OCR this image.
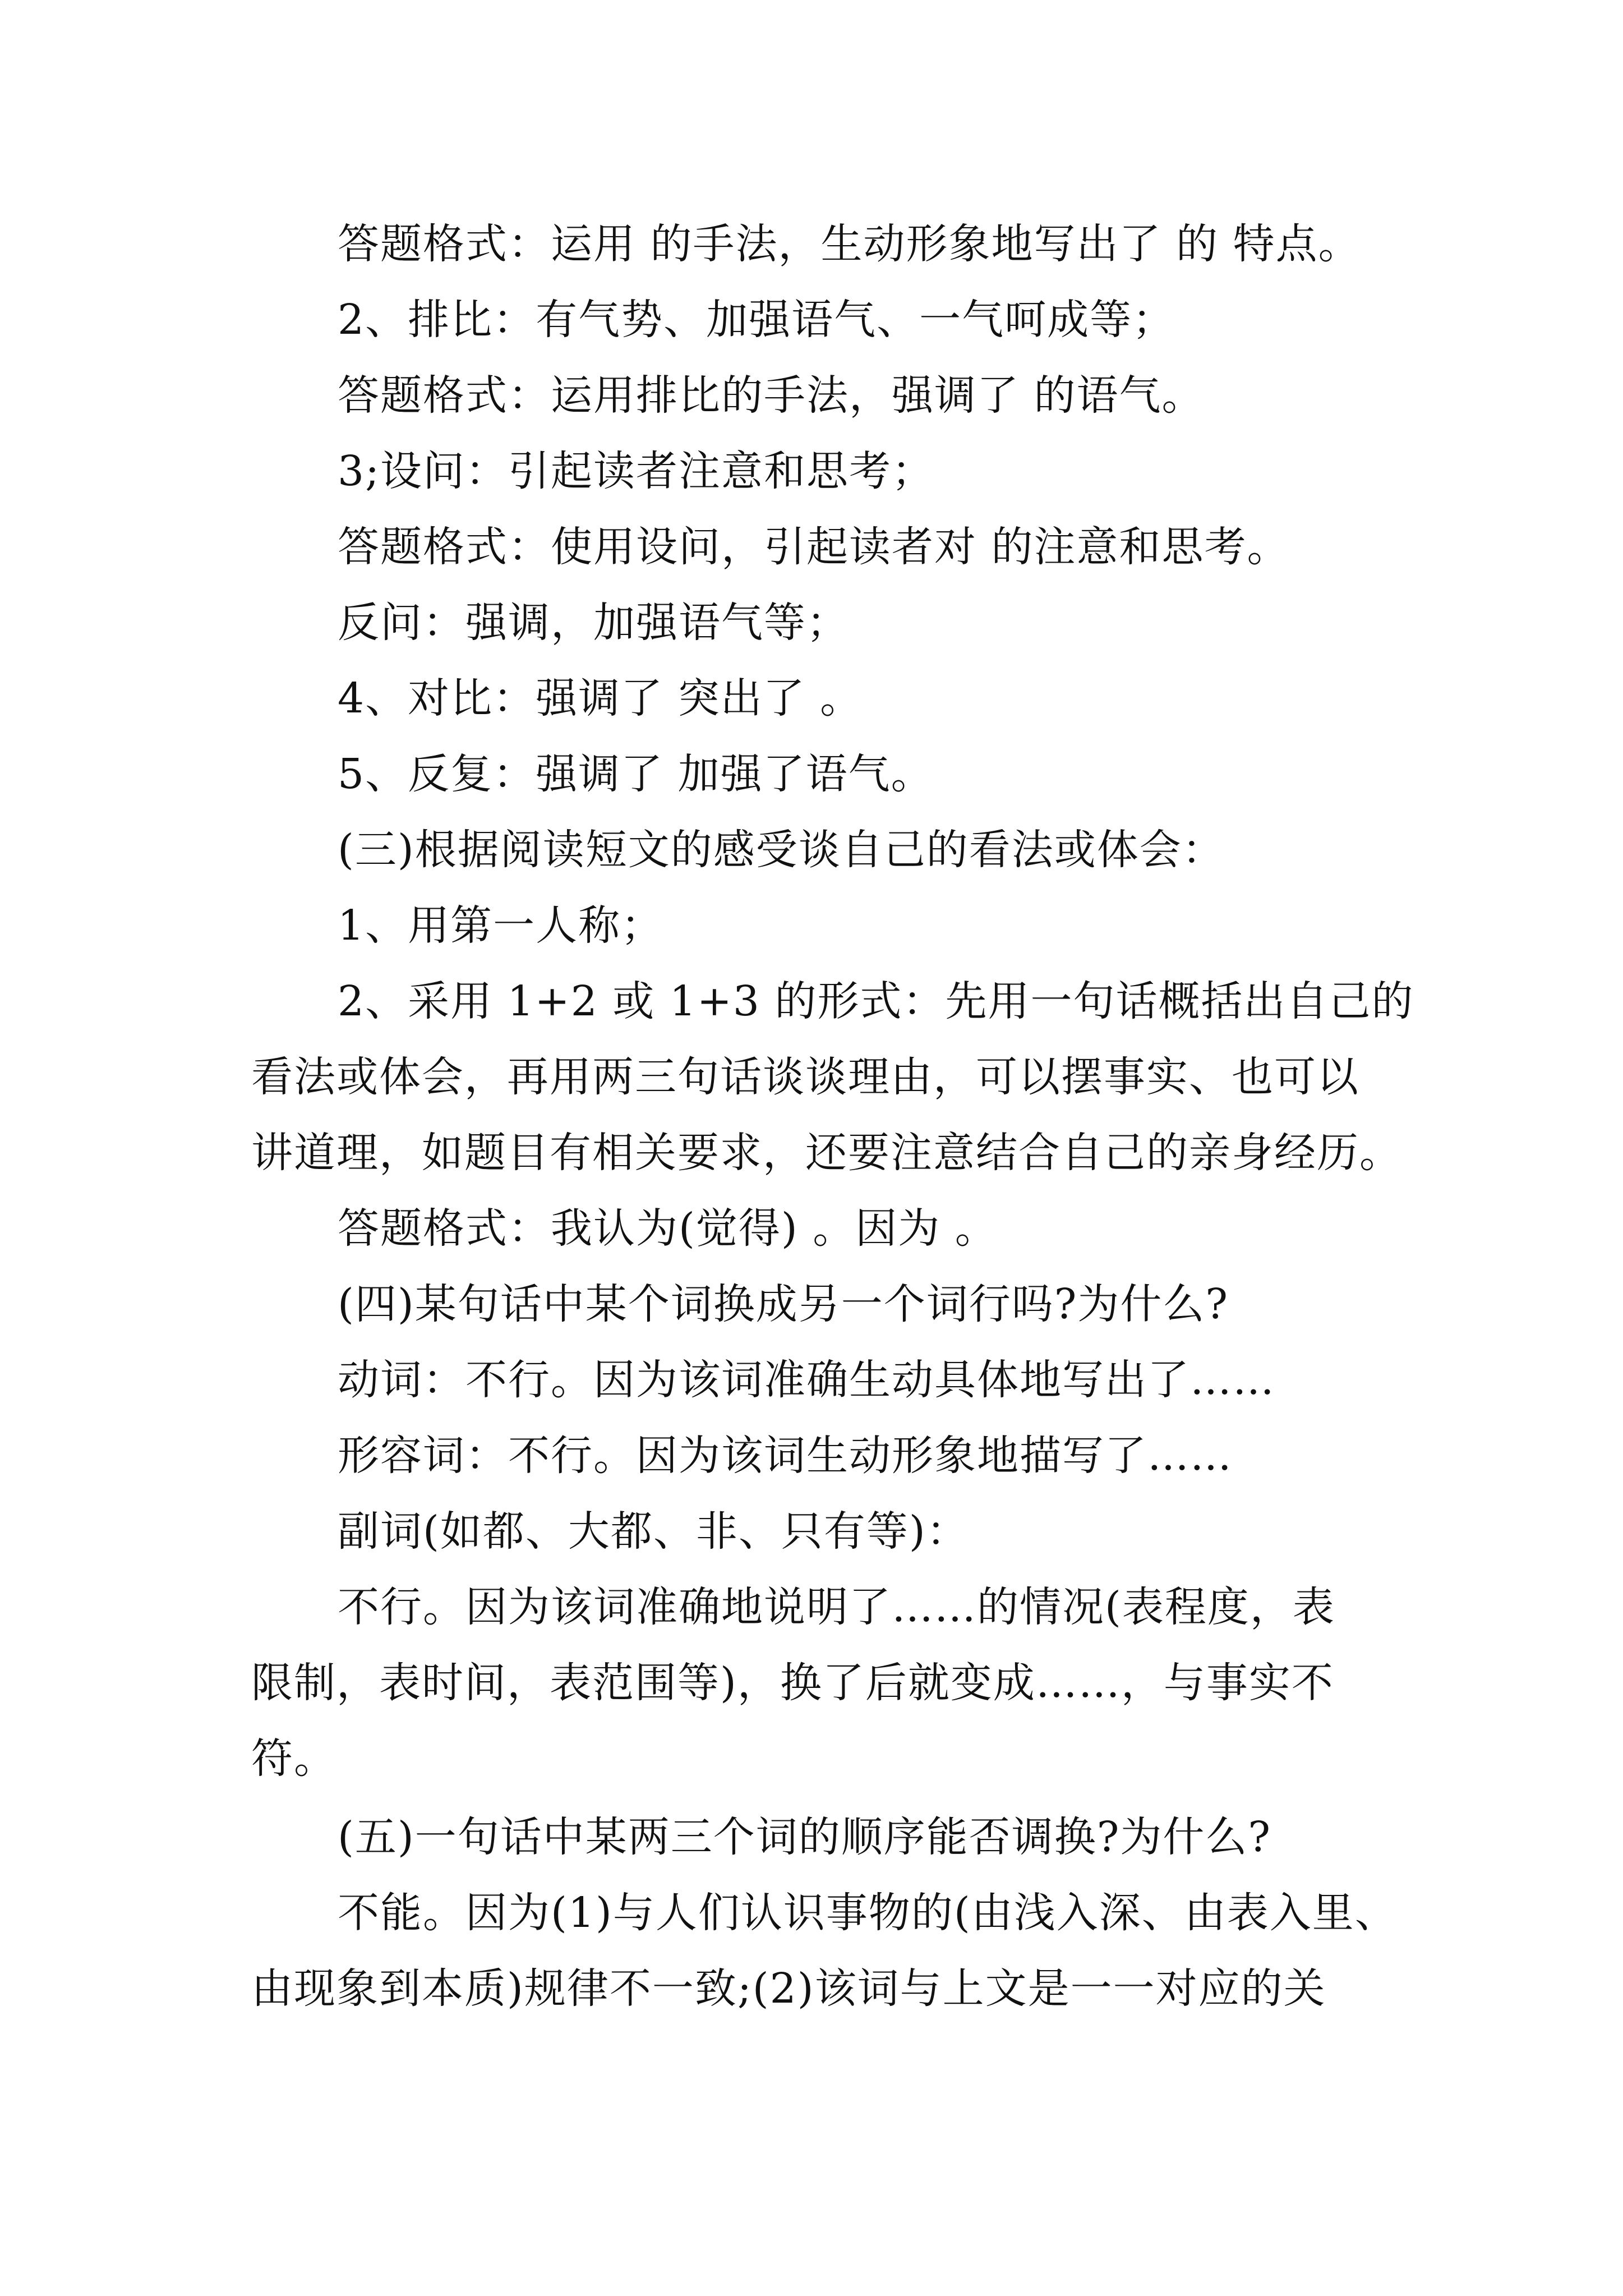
答题格式：运用 的手法，生动形象地写出了 的 特点。
2、排比：有气势、加强语气、一气呵成等；
答题格式：运用排比的手法，强调了 的语气。
3;设问：引起读者注意和思考；
答题格式：使用设问，引起读者对 的注意和思考。
反问：强调，加强语气等；
4、对比：强调了 突出了 。
5、反复：强调了 加强了语气。
(三)根据阅读短文的感受谈自己的看法或体会：
1、用第一人称；
2、采用 1+2 或 1+3 的形式：先用一句话概括出自己的
看法或体会，再用两三句话谈谈理由，可以摆事实、也可以
讲道理，如题目有相关要求，还要注意结合自己的亲身经历。
答题格式：我认为(觉得) 。因为 。
(四)某句话中某个词换成另一个词行吗?为什么?
动词：不行。因为该词准确生动具体地写出了……
形容词：不行。因为该词生动形象地描写了……
副词(如都、大都、非、只有等)：
不行。因为该词准确地说明了……的情况(表程度，表
限制，表时间，表范围等)，换了后就变成……，与事实不
符。
(五)一句话中某两三个词的顺序能否调换?为什么?
不能。因为(1)与人们认识事物的(由浅入深、由表入里、
由现象到本质)规律不一致;(2)该词与上文是一一对应的关
